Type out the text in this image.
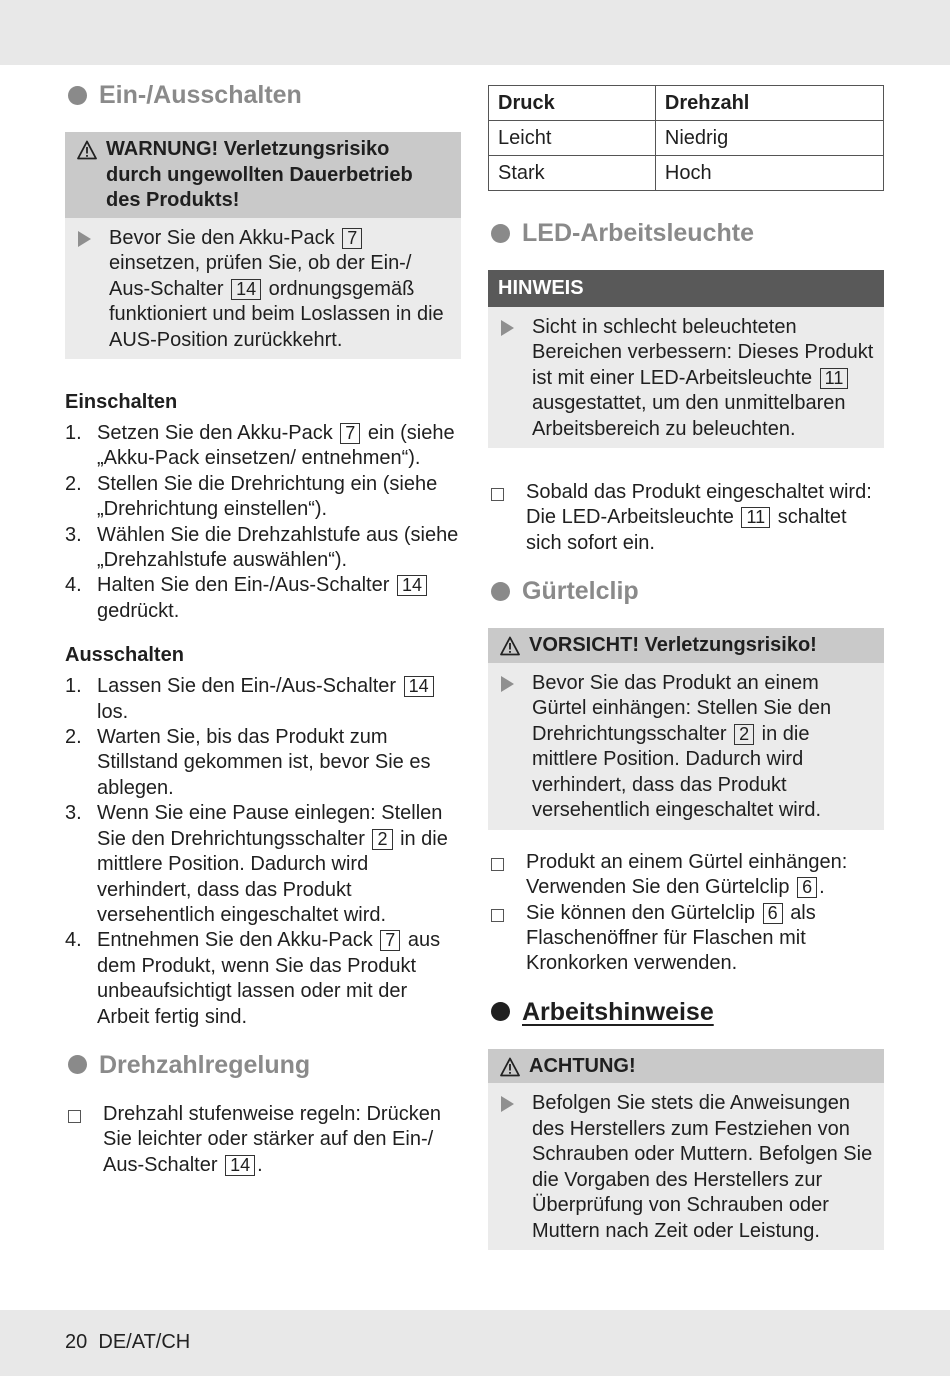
Ein-/Ausschalten
WARNUNG! Verletzungsrisiko durch ungewollten Dauerbetrieb des Produkts!
Bevor Sie den Akku-Pack 7 einsetzen, prüfen Sie, ob der Ein-/ Aus-Schalter 14 ordnungsgemäß funktioniert und beim Loslassen in die AUS-Position zurückkehrt.
Einschalten
1. Setzen Sie den Akku-Pack 7 ein (siehe „Akku-Pack einsetzen/ entnehmen“).
2. Stellen Sie die Drehrichtung ein (siehe „Drehrichtung einstellen“).
3. Wählen Sie die Drehzahlstufe aus (siehe „Drehzahlstufe auswählen“).
4. Halten Sie den Ein-/Aus-Schalter 14 gedrückt.
Ausschalten
1. Lassen Sie den Ein-/Aus-Schalter 14 los.
2. Warten Sie, bis das Produkt zum Stillstand gekommen ist, bevor Sie es ablegen.
3. Wenn Sie eine Pause einlegen: Stellen Sie den Drehrichtungsschalter 2 in die mittlere Position. Dadurch wird verhindert, dass das Produkt versehentlich eingeschaltet wird.
4. Entnehmen Sie den Akku-Pack 7 aus dem Produkt, wenn Sie das Produkt unbeaufsichtigt lassen oder mit der Arbeit fertig sind.
Drehzahlregelung
Drehzahl stufenweise regeln: Drücken Sie leichter oder stärker auf den Ein-/ Aus-Schalter 14 .
Druck	Drehzahl
Leicht	Niedrig
Stark	Hoch
LED-Arbeitsleuchte
HINWEIS
Sicht in schlecht beleuchteten Bereichen verbessern: Dieses Produkt ist mit einer LED-Arbeitsleuchte 11 ausgestattet, um den unmittelbaren Arbeitsbereich zu beleuchten.
Sobald das Produkt eingeschaltet wird: Die LED-Arbeitsleuchte 11 schaltet sich sofort ein.
Gürtelclip
VORSICHT! Verletzungsrisiko!
Bevor Sie das Produkt an einem Gürtel einhängen: Stellen Sie den Drehrichtungsschalter 2 in die mittlere Position. Dadurch wird verhindert, dass das Produkt versehentlich eingeschaltet wird.
Produkt an einem Gürtel einhängen: Verwenden Sie den Gürtelclip 6 .
Sie können den Gürtelclip 6 als Flaschenöffner für Flaschen mit Kronkorken verwenden.
Arbeitshinweise
ACHTUNG!
Befolgen Sie stets die Anweisungen des Herstellers zum Festziehen von Schrauben oder Muttern. Befolgen Sie die Vorgaben des Herstellers zur Überprüfung von Schrauben oder Muttern nach Zeit oder Leistung.
20 DE/AT/CH
